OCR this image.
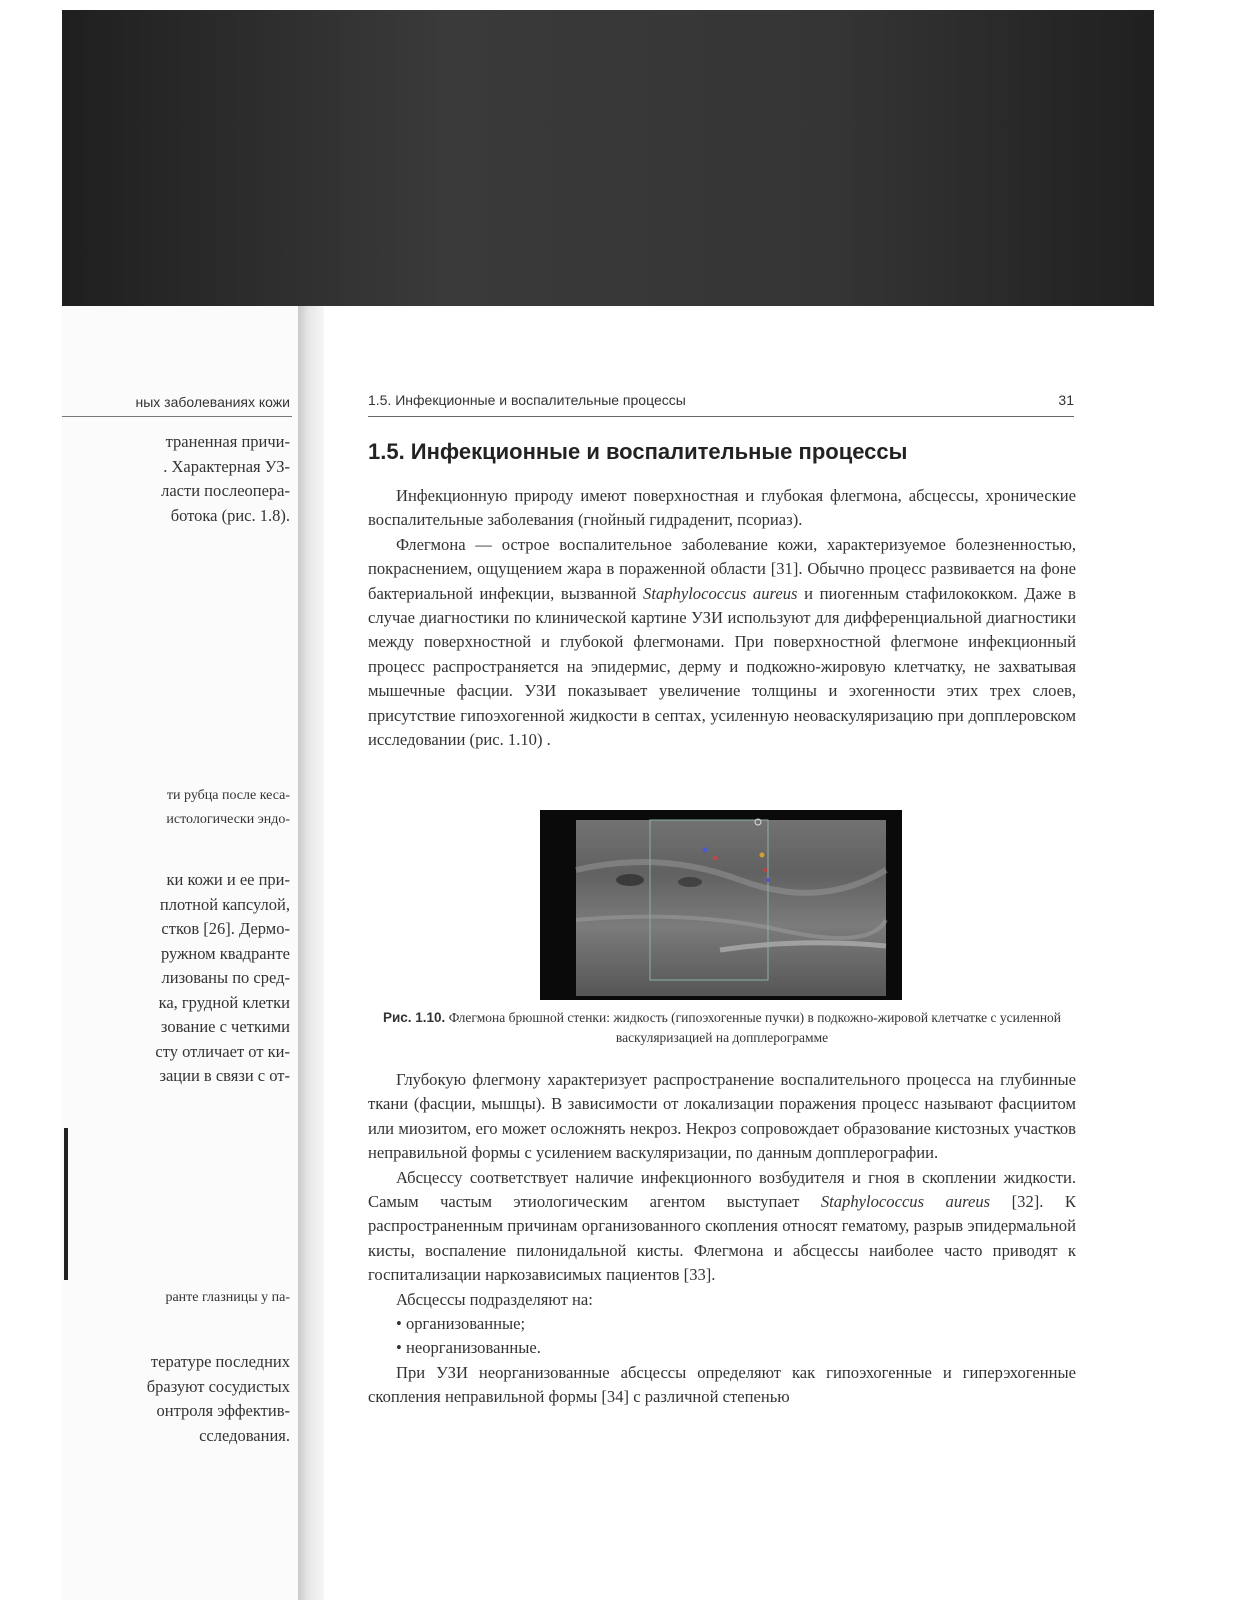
ных заболеваниях кожи
траненная причи-
. Характерная УЗ-
ласти послеопера-
ботока (рис. 1.8).
ти рубца после кеса-
истологически эндо-
ки кожи и ее при-
плотной капсулой,
стков [26]. Дермо-
ружном квадранте
лизованы по сред-
ка, грудной клетки
зование с четкими
сту отличает от ки-
зации в связи с от-
ранте глазницы у па-
тературе последних
бразуют сосудистых
онтроля эффектив-
сследования.
1.5. Инфекционные и воспалительные процессы	31
1.5. Инфекционные и воспалительные процессы

Инфекционную природу имеют поверхностная и глубокая флегмона, абсцессы, хронические воспалительные заболевания (гнойный гидраденит, псориаз).

Флегмона — острое воспалительное заболевание кожи, характеризуемое болезненностью, покраснением, ощущением жара в пораженной области [31]. Обычно процесс развивается на фоне бактериальной инфекции, вызванной Staphylococcus aureus и пиогенным стафилококком. Даже в случае диагностики по клинической картине УЗИ используют для дифференциальной диагностики между поверхностной и глубокой флегмонами. При поверхностной флегмоне инфекционный процесс распространяется на эпидермис, дерму и подкожно-жировую клетчатку, не захватывая мышечные фасции. УЗИ показывает увеличение толщины и эхогенности этих трех слоев, присутствие гипоэхогенной жидкости в септах, усиленную неоваскуляризацию при допплеровском исследовании (рис. 1.10) .

Рис. 1.10. Флегмона брюшной стенки: жидкость (гипоэхогенные пучки) в подкожно-жировой клетчатке с усиленной васкуляризацией на допплерограмме

Глубокую флегмону характеризует распространение воспалительного процесса на глубинные ткани (фасции, мышцы). В зависимости от локализации поражения процесс называют фасциитом или миозитом, его может осложнять некроз. Некроз сопровождает образование кистозных участков неправильной формы с усилением васкуляризации, по данным допплерографии.

Абсцессу соответствует наличие инфекционного возбудителя и гноя в скоплении жидкости. Самым частым этиологическим агентом выступает Staphylococcus aureus [32]. К распространенным причинам организованного скопления относят гематому, разрыв эпидермальной кисты, воспаление пилонидальной кисты. Флегмона и абсцессы наиболее часто приводят к госпитализации наркозависимых пациентов [33].

Абсцессы подразделяют на:

• организованные;

• неорганизованные.

При УЗИ неорганизованные абсцессы определяют как гипоэхогенные и гиперэхогенные скопления неправильной формы [34] с различной степенью
